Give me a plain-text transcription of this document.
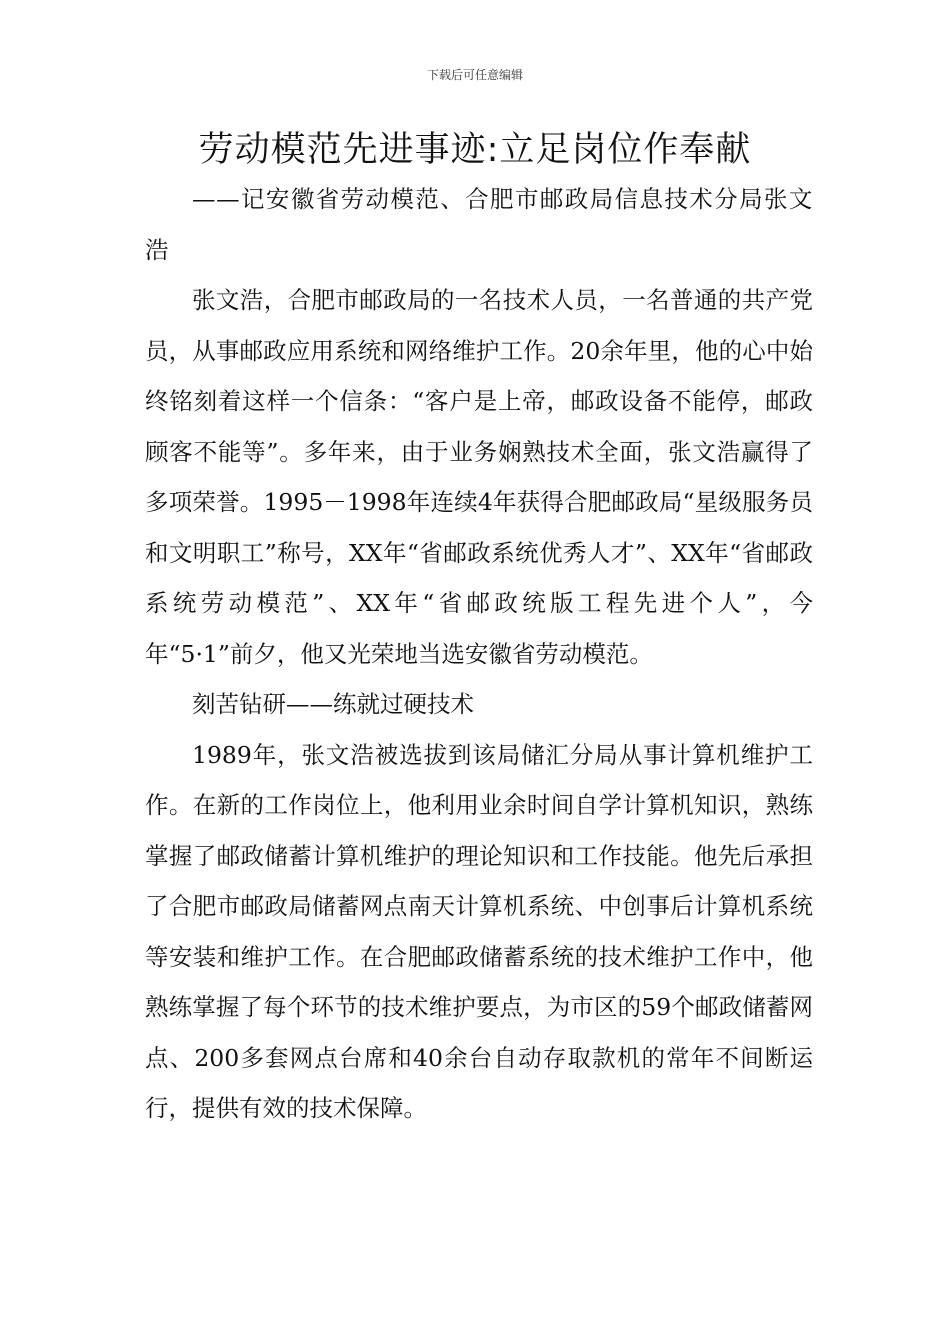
下载后可任意编辑
劳动模范先进事迹:立足岗位作奉献

——记安徽省劳动模范、合肥市邮政局信息技术分局张文浩

张文浩，合肥市邮政局的一名技术人员，一名普通的共产党员，从事邮政应用系统和网络维护工作。20余年里，他的心中始终铭刻着这样一个信条：“客户是上帝，邮政设备不能停，邮政顾客不能等”。多年来，由于业务娴熟技术全面，张文浩赢得了多项荣誉。1995－1998年连续4年获得合肥邮政局“星级服务员和文明职工”称号，XX年“省邮政系统优秀人才”、XX年“省邮政系统劳动模范”、XX年“省邮政统版工程先进个人”，今年“5·1”前夕，他又光荣地当选安徽省劳动模范。

刻苦钻研——练就过硬技术

1989年，张文浩被选拔到该局储汇分局从事计算机维护工作。在新的工作岗位上，他利用业余时间自学计算机知识，熟练掌握了邮政储蓄计算机维护的理论知识和工作技能。他先后承担了合肥市邮政局储蓄网点南天计算机系统、中创事后计算机系统等安装和维护工作。在合肥邮政储蓄系统的技术维护工作中，他熟练掌握了每个环节的技术维护要点，为市区的59个邮政储蓄网点、200多套网点台席和40余台自动存取款机的常年不间断运行，提供有效的技术保障。
